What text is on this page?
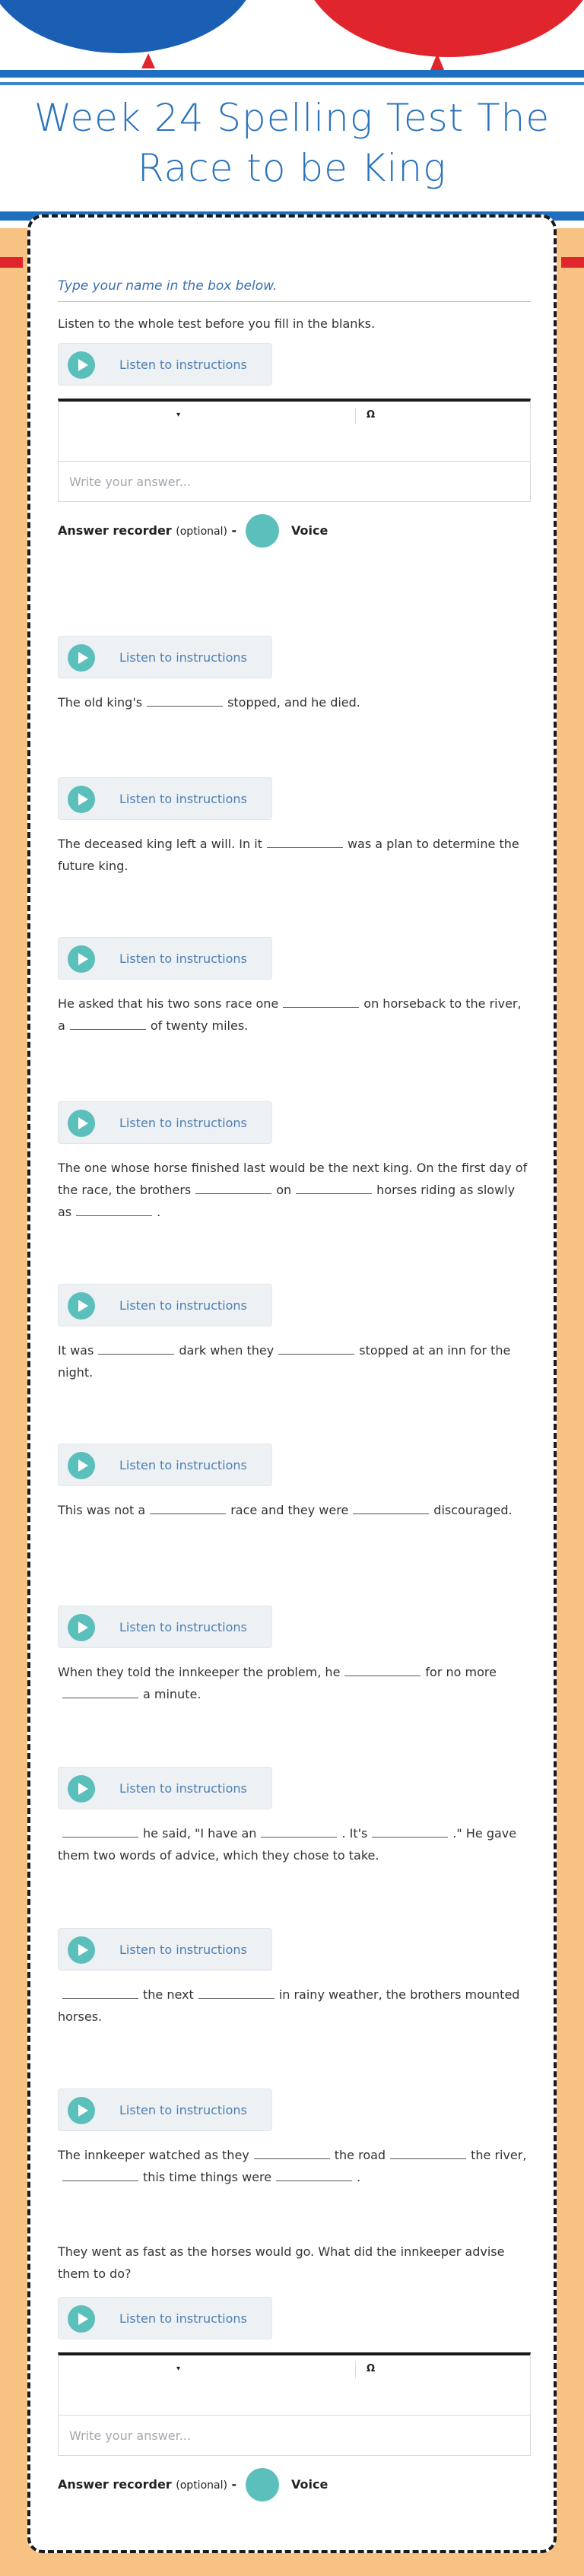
Week 24 Spelling Test The Race to be King
Type your name in the box below.
Listen to the whole test before you fill in the blanks.
Listen to instructions
▾	Ω
Write your answer...
Answer recorder (optional) -	Voice
Listen to instructions
The old king's	stopped, and he died.
Listen to instructions
The deceased king left a will. In it	was a plan to determine the future king.
Listen to instructions
He asked that his two sons race one	on horseback to the river, a	of twenty miles.
Listen to instructions
The one whose horse finished last would be the next king. On the first day of the race, the brothers	on	horses riding as slowly as	.
Listen to instructions
It was	dark when they	stopped at an inn for the night.
Listen to instructions
This was not a	race and they were	discouraged.
Listen to instructions
When they told the innkeeper the problem, he	for no morea minute.
Listen to instructions
he said, "I have an	. It's	." He gave them two words of advice, which they chose to take.
Listen to instructions
the next	in rainy weather, the brothers mounted horses.
Listen to instructions
The innkeeper watched as they	the road	the river,this time things were	.
They went as fast as the horses would go. What did the innkeeper advise them to do?
Listen to instructions
▾	Ω
Write your answer...
Answer recorder (optional) -	Voice
